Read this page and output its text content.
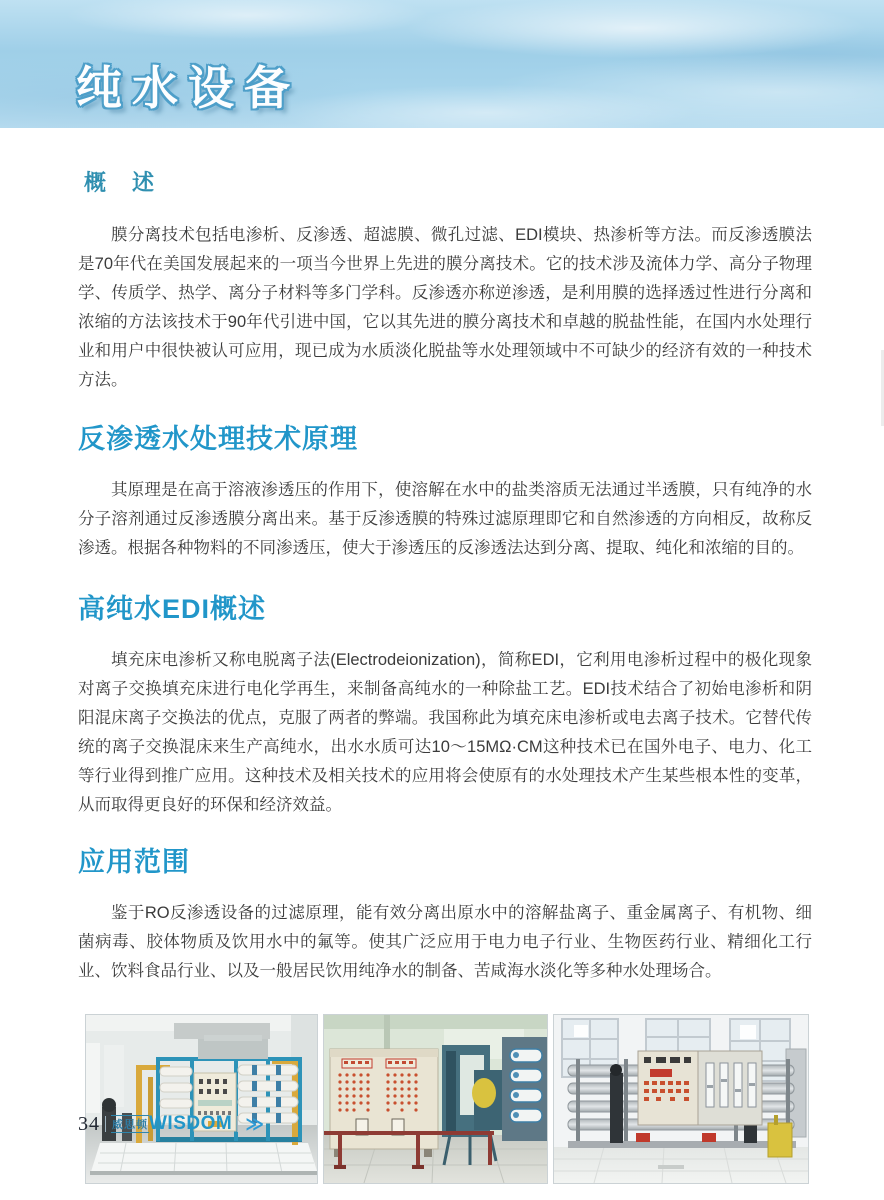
纯水设备
概　述

膜分离技术包括电渗析、反渗透、超滤膜、微孔过滤、EDI模块、热渗析等方法。而反渗透膜法是70年代在美国发展起来的一项当今世界上先进的膜分离技术。它的技术涉及流体力学、高分子物理学、传质学、热学、离分子材料等多门学科。反渗透亦称逆渗透，是利用膜的选择透过性进行分离和浓缩的方法该技术于90年代引进中国，它以其先进的膜分离技术和卓越的脱盐性能，在国内水处理行业和用户中很快被认可应用，现已成为水质淡化脱盐等水处理领域中不可缺少的经济有效的一种技术方法。

反渗透水处理技术原理

其原理是在高于溶液渗透压的作用下，使溶解在水中的盐类溶质无法通过半透膜，只有纯净的水分子溶剂通过反渗透膜分离出来。基于反渗透膜的特殊过滤原理即它和自然渗透的方向相反，故称反渗透。根据各种物料的不同渗透压，使大于渗透压的反渗透法达到分离、提取、纯化和浓缩的目的。

高纯水EDI概述

填充床电渗析又称电脱离子法(Electrodeionization)，简称EDI，它利用电渗析过程中的极化现象对离子交换填充床进行电化学再生，来制备高纯水的一种除盐工艺。EDI技术结合了初始电渗析和阴阳混床离子交换法的优点，克服了两者的弊端。我国称此为填充床电渗析或电去离子技术。它替代传统的离子交换混床来生产高纯水，出水水质可达10～15MΩ·CM这种技术已在国外电子、电力、化工等行业得到推广应用。这种技术及相关技术的应用将会使原有的水处理技术产生某些根本性的变革，从而取得更良好的环保和经济效益。

应用范围

鉴于RO反渗透设备的过滤原理，能有效分离出原水中的溶解盐离子、重金属离子、有机物、细菌病毒、胶体物质及饮用水中的氟等。使其广泛应用于电力电子行业、生物医药行业、精细化工行业、饮料食品行业、以及一般居民饮用纯净水的制备、苦咸海水淡化等多种水处理场合。

34 威思顿 WISDOM ≫
